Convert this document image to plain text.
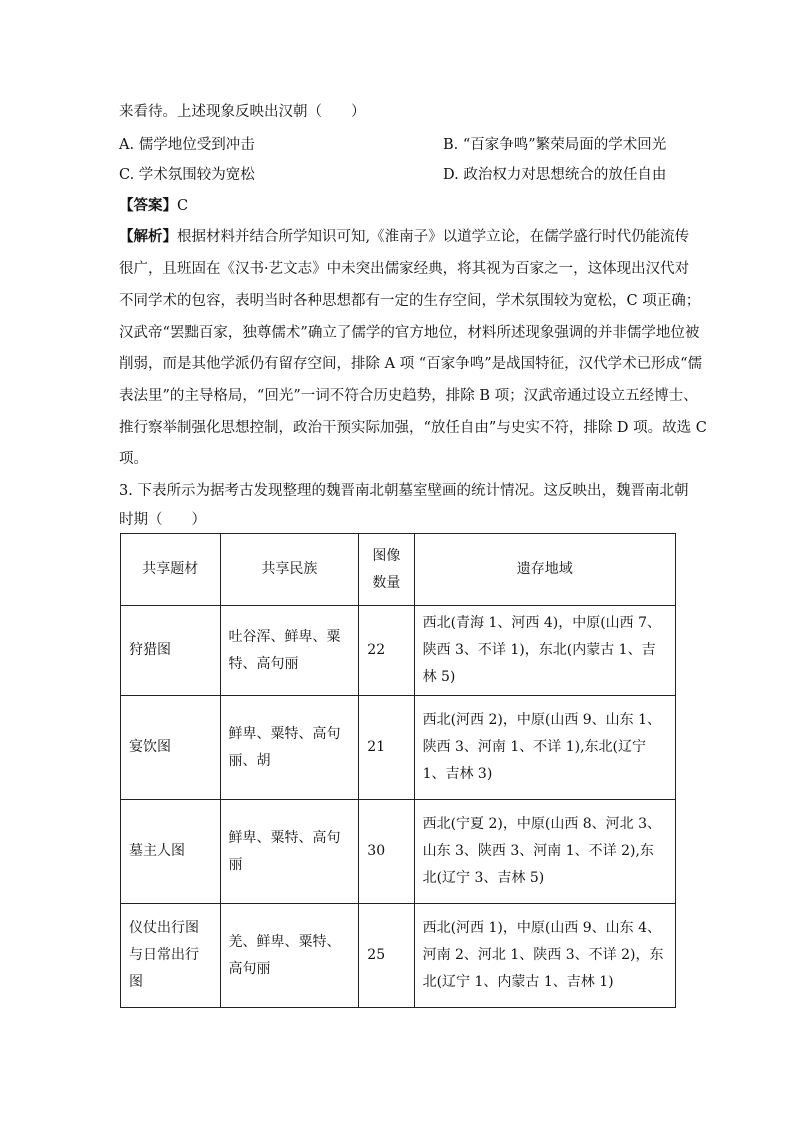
来看待。上述现象反映出汉朝（　　）
A. 儒学地位受到冲击	B. “百家争鸣”繁荣局面的学术回光
C. 学术氛围较为宽松	D. 政治权力对思想统合的放任自由
【答案】C
【解析】根据材料并结合所学知识可知,《淮南子》以道学立论，在儒学盛行时代仍能流传
很广，且班固在《汉书·艺文志》中未突出儒家经典，将其视为百家之一，这体现出汉代对
不同学术的包容，表明当时各种思想都有一定的生存空间，学术氛围较为宽松，C 项正确；
汉武帝“罢黜百家，独尊儒术”确立了儒学的官方地位，材料所述现象强调的并非儒学地位被
削弱，而是其他学派仍有留存空间，排除 A 项 “百家争鸣”是战国特征，汉代学术已形成“儒
表法里”的主导格局，“回光”一词不符合历史趋势，排除 B 项；汉武帝通过设立五经博士、
推行察举制强化思想控制，政治干预实际加强，“放任自由”与史实不符，排除 D 项。故选 C
项。
3. 下表所示为据考古发现整理的魏晋南北朝墓室壁画的统计情况。这反映出，魏晋南北朝
时期（　　）
共享题材	共享民族	图像数量	遗存地域
狩猎图	吐谷浑、鲜卑、粟特、高句丽	22	西北(青海 1、河西 4)，中原(山西 7、陕西 3、不详 1)，东北(内蒙古 1、吉林 5)
宴饮图	鲜卑、粟特、高句丽、胡	21	西北(河西 2)，中原(山西 9、山东 1、陕西 3、河南 1、不详 1),东北(辽宁 1、吉林 3)
墓主人图	鲜卑、粟特、高句丽	30	西北(宁夏 2)，中原(山西 8、河北 3、山东 3、陕西 3、河南 1、不详 2),东北(辽宁 3、吉林 5)
仪仗出行图与日常出行图	羌、鲜卑、粟特、高句丽	25	西北(河西 1)，中原(山西 9、山东 4、河南 2、河北 1、陕西 3、不详 2)，东北(辽宁 1、内蒙古 1、吉林 1)
